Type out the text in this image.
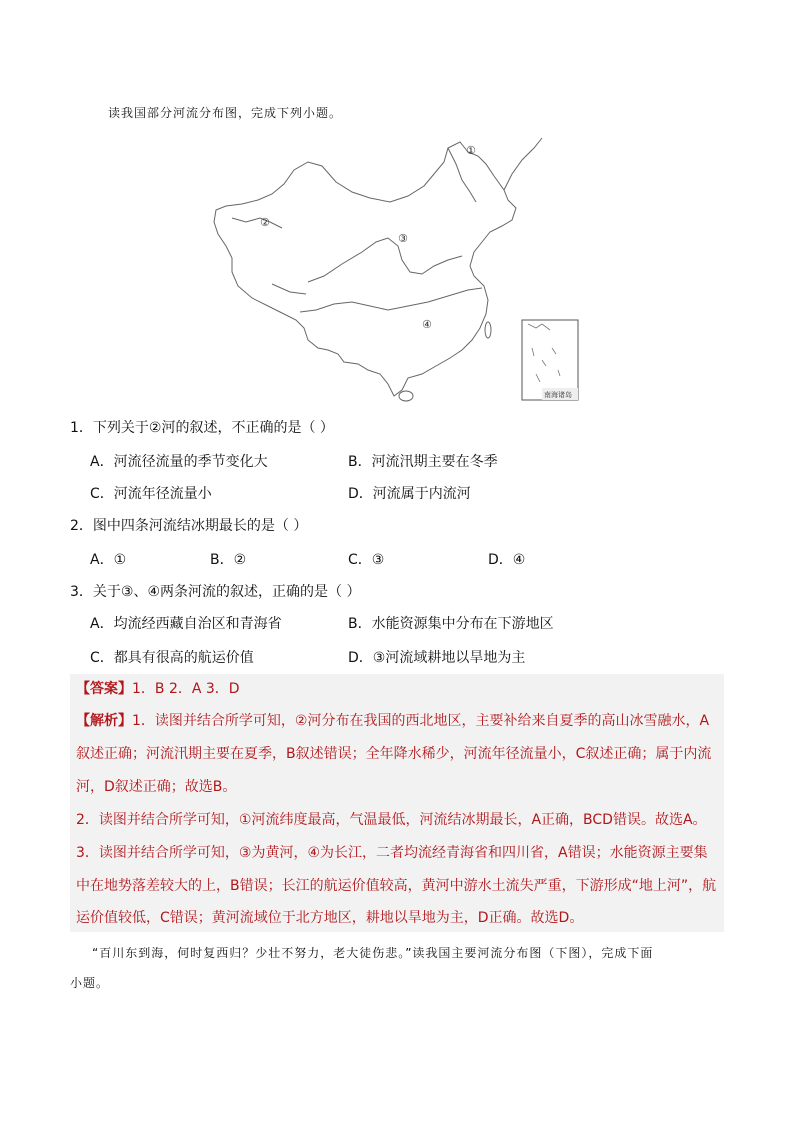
读我国部分河流分布图，完成下列小题。
①
②
③
④
南海诸岛
1．下列关于②河的叙述，不正确的是（ ）
A．河流径流量的季节变化大	B．河流汛期主要在冬季
C．河流年径流量小	D．河流属于内流河
2．图中四条河流结冰期最长的是（ ）
A．①	B．②	C．③	D．④
3．关于③、④两条河流的叙述，正确的是（ ）
A．均流经西藏自治区和青海省	B．水能资源集中分布在下游地区
C．都具有很高的航运价值	D．③河流域耕地以旱地为主
【答案】1．B 2．A 3．D
【解析】1．读图并结合所学可知，②河分布在我国的西北地区，主要补给来自夏季的高山冰雪融水，A
叙述正确；河流汛期主要在夏季，B叙述错误；全年降水稀少，河流年径流量小，C叙述正确；属于内流
河，D叙述正确；故选B。
2．读图并结合所学可知，①河流纬度最高，气温最低，河流结冰期最长，A正确，BCD错误。故选A。
3．读图并结合所学可知，③为黄河，④为长江，二者均流经青海省和四川省，A错误；水能资源主要集
中在地势落差较大的上，B错误；长江的航运价值较高，黄河中游水土流失严重，下游形成“地上河”，航
运价值较低，C错误；黄河流域位于北方地区，耕地以旱地为主，D正确。故选D。
“百川东到海，何时复西归？少壮不努力，老大徒伤悲。”读我国主要河流分布图（下图），完成下面
小题。
